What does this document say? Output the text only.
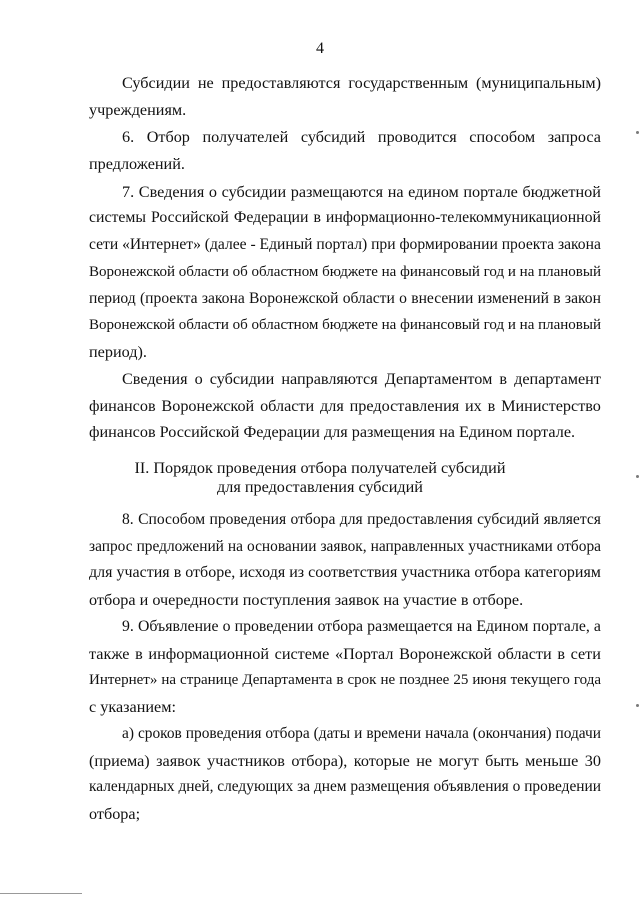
4
Субсидии не предоставляются государственным (муниципальным)
учреждениям.
6. Отбор получателей субсидий проводится способом запроса
предложений.
7. Сведения о субсидии размещаются на едином портале бюджетной
системы Российской Федерации в информационно-телекоммуникационной
сети «Интернет» (далее - Единый портал) при формировании проекта закона
Воронежской области об областном бюджете на финансовый год и на плановый
период (проекта закона Воронежской области о внесении изменений в закон
Воронежской области об областном бюджете на финансовый год и на плановый
период).
Сведения о субсидии направляются Департаментом в департамент
финансов Воронежской области для предоставления их в Министерство
финансов Российской Федерации для размещения на Едином портале.
II. Порядок проведения отбора получателей субсидий
для предоставления субсидий
8. Способом проведения отбора для предоставления субсидий является
запрос предложений на основании заявок, направленных участниками отбора
для участия в отборе, исходя из соответствия участника отбора категориям
отбора и очередности поступления заявок на участие в отборе.
9. Объявление о проведении отбора размещается на Едином портале, а
также в информационной системе «Портал Воронежской области в сети
Интернет» на странице Департамента в срок не позднее 25 июня текущего года
с указанием:
а) сроков проведения отбора (даты и времени начала (окончания) подачи
(приема) заявок участников отбора), которые не могут быть меньше 30
календарных дней, следующих за днем размещения объявления о проведении
отбора;
